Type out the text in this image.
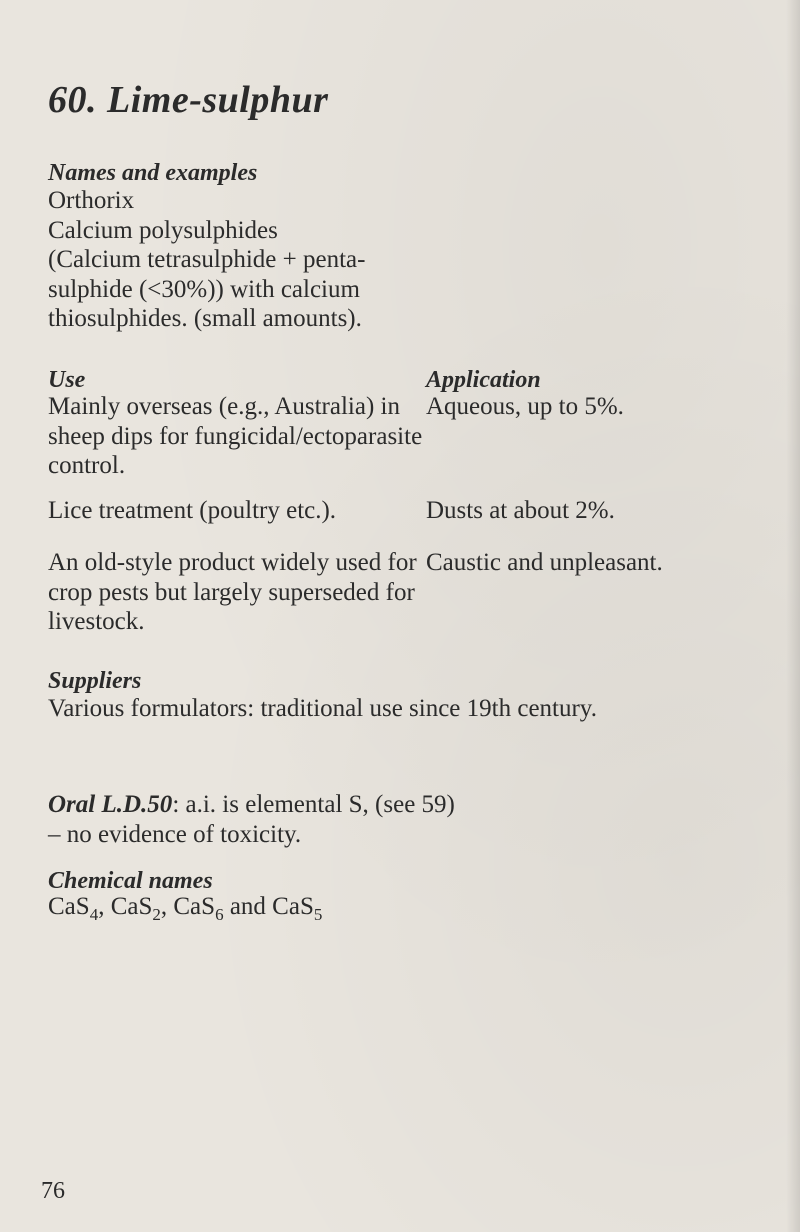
60. Lime-sulphur
Names and examples
Orthorix
Calcium polysulphides
(Calcium tetrasulphide + penta-
sulphide (<30%)) with calcium
thiosulphides. (small amounts).
Use	Application
Mainly overseas (e.g., Australia) in
sheep dips for fungicidal/ectoparasite
control.
Aqueous, up to 5%.
Lice treatment (poultry etc.).	Dusts at about 2%.
An old-style product widely used for
crop pests but largely superseded for
livestock.
Caustic and unpleasant.
Suppliers
Various formulators: traditional use since 19th century.
Oral L.D.50: a.i. is elemental S, (see 59)
– no evidence of toxicity.
Chemical names
CaS$_4$, CaS$_2$, CaS$_6$ and CaS$_5$
76
